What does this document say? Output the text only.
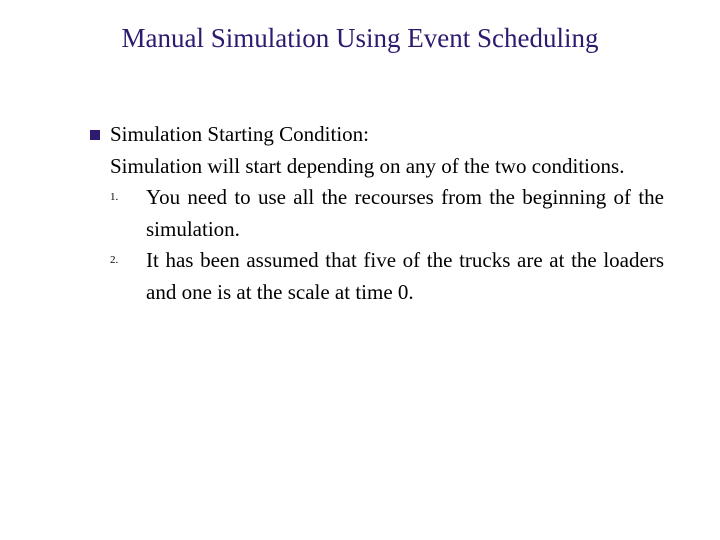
Manual Simulation Using Event Scheduling
Simulation Starting Condition:
Simulation will start depending on any of the two conditions.
1. You need to use all the recourses from the beginning of the simulation.
2. It has been assumed that five of the trucks are at the loaders and one is at the scale at time 0.
